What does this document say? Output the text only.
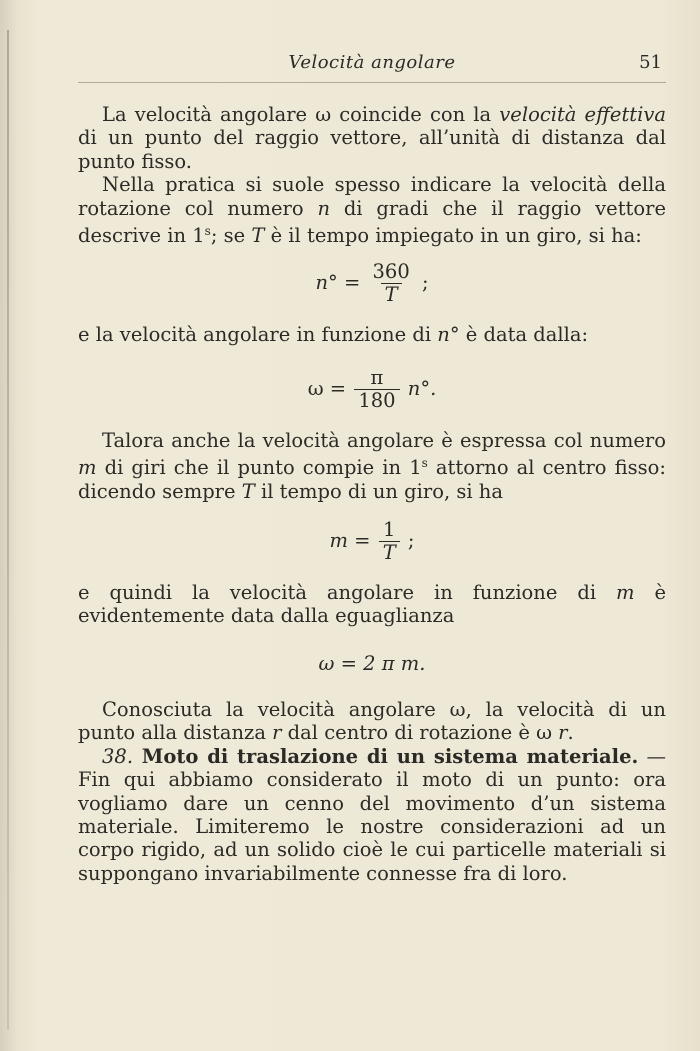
Velocità angolare	51

La velocità angolare ω coincide con la velocità effettiva di un punto del raggio vettore, all’unità di distanza dal punto fisso.

Nella pratica si suole spesso indicare la velocità della rotazione col numero n di gradi che il raggio vettore descrive in 1$^s$; se T è il tempo impiegato in un giro, si ha:

$n^\circ = \frac{360}{T}$ ;

e la velocità angolare in funzione di n° è data dalla:

$\omega = \frac{\pi}{180} n^\circ$.

Talora anche la velocità angolare è espressa col numero m di giri che il punto compie in 1$^s$ attorno al centro fisso: dicendo sempre T il tempo di un giro, si ha

$m = \frac{1}{T}$ ;

e quindi la velocità angolare in funzione di m è evidentemente data dalla eguaglianza

ω = 2 π m.

Conosciuta la velocità angolare ω, la velocità di un punto alla distanza r dal centro di rotazione è ω r.

38. Moto di traslazione di un sistema materiale. — Fin qui abbiamo considerato il moto di un punto: ora vogliamo dare un cenno del movimento d’un sistema materiale. Limiteremo le nostre considerazioni ad un corpo rigido, ad un solido cioè le cui particelle materiali si suppongano invariabilmente connesse fra di loro.
